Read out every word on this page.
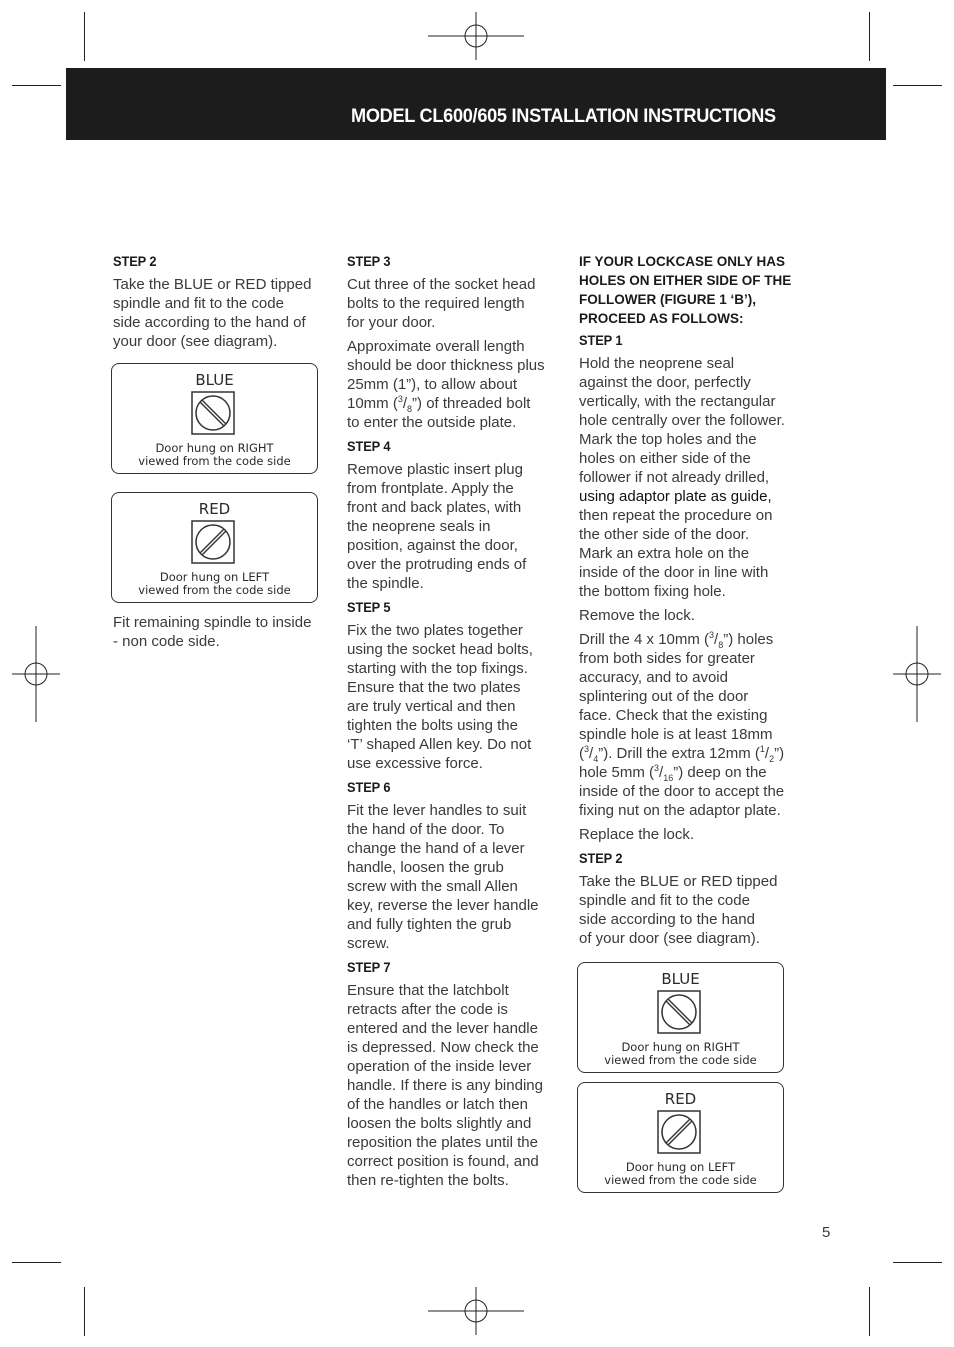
MODEL CL600/605 INSTALLATION INSTRUCTIONS
STEP 2

Take the BLUE or RED tipped
spindle and fit to the code
side according to the hand of
your door (see diagram).

BLUE
Door hung on RIGHT
viewed from the code side
RED
Door hung on LEFT
viewed from the code side

Fit remaining spindle to inside
- non code side.

STEP 3

Cut three of the socket head
bolts to the required length
for your door.

Approximate overall length
should be door thickness plus
25mm (1”), to allow about
10mm $(^3/_8”)$ of threaded bolt
to enter the outside plate.

STEP 4

Remove plastic insert plug
from frontplate. Apply the
front and back plates, with
the neoprene seals in
position, against the door,
over the protruding ends of
the spindle.

STEP 5

Fix the two plates together
using the socket head bolts,
starting with the top fixings.
Ensure that the two plates
are truly vertical and then
tighten the bolts using the
‘T’ shaped Allen key. Do not
use excessive force.

STEP 6

Fit the lever handles to suit
the hand of the door. To
change the hand of a lever
handle, loosen the grub
screw with the small Allen
key, reverse the lever handle
and fully tighten the grub
screw.

STEP 7

Ensure that the latchbolt
retracts after the code is
entered and the lever handle
is depressed. Now check the
operation of the inside lever
handle. If there is any binding
of the handles or latch then
loosen the bolts slightly and
reposition the plates until the
correct position is found, and
then re-tighten the bolts.

IF YOUR LOCKCASE ONLY HAS
HOLES ON EITHER SIDE OF THE
FOLLOWER (FIGURE 1 ‘B’),
PROCEED AS FOLLOWS:
STEP 1

Hold the neoprene seal
against the door, perfectly
vertically, with the rectangular
hole centrally over the follower.
Mark the top holes and the
holes on either side of the
follower if not already drilled,
using adaptor plate as guide,
then repeat the procedure on
the other side of the door.
Mark an extra hole on the
inside of the door in line with
the bottom fixing hole.

Remove the lock.

Drill the 4 x 10mm $(^3/_8”)$ holes
from both sides for greater
accuracy, and to avoid
splintering out of the door
face. Check that the existing
spindle hole is at least 18mm
$(^3/_4”)$. Drill the extra 12mm $(^1/_2”)$
hole 5mm $(^3/_{16}”)$ deep on the
inside of the door to accept the
fixing nut on the adaptor plate.

Replace the lock.

STEP 2

Take the BLUE or RED tipped
spindle and fit to the code
side according to the hand
of your door (see diagram).

BLUE
Door hung on RIGHT
viewed from the code side
RED
Door hung on LEFT
viewed from the code side
5
